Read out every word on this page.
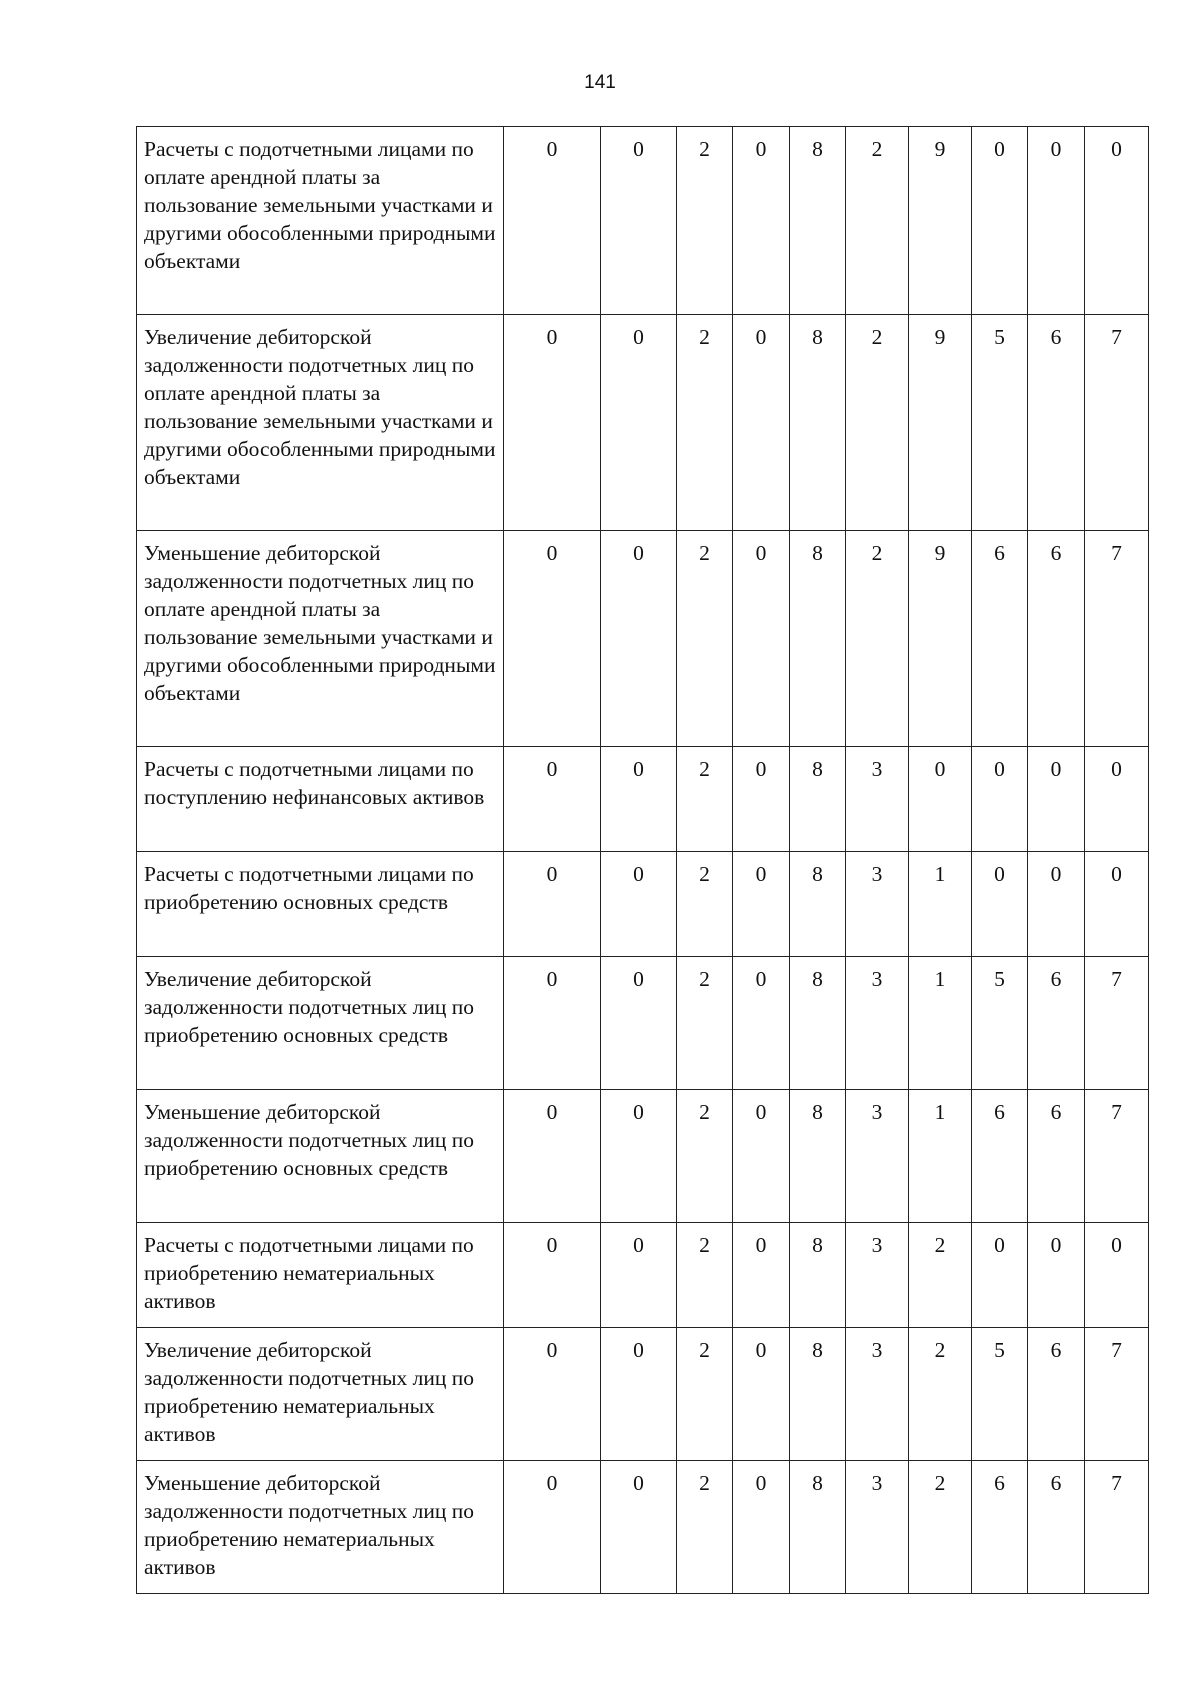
141
Расчеты с подотчетными лицами по оплате арендной платы за пользование земельными участками и другими обособленными природными объектами	0	0	2	0	8	2	9	0	0	0
Увеличение дебиторской задолженности подотчетных лиц по оплате арендной платы за пользование земельными участками и другими обособленными природными объектами	0	0	2	0	8	2	9	5	6	7
Уменьшение дебиторской задолженности подотчетных лиц по оплате арендной платы за пользование земельными участками и другими обособленными природными объектами	0	0	2	0	8	2	9	6	6	7
Расчеты с подотчетными лицами по поступлению нефинансовых активов	0	0	2	0	8	3	0	0	0	0
Расчеты с подотчетными лицами по приобретению основных средств	0	0	2	0	8	3	1	0	0	0
Увеличение дебиторской задолженности подотчетных лиц по приобретению основных средств	0	0	2	0	8	3	1	5	6	7
Уменьшение дебиторской задолженности подотчетных лиц по приобретению основных средств	0	0	2	0	8	3	1	6	6	7
Расчеты с подотчетными лицами по приобретению нематериальных активов	0	0	2	0	8	3	2	0	0	0
Увеличение дебиторской задолженности подотчетных лиц по приобретению нематериальных активов	0	0	2	0	8	3	2	5	6	7
Уменьшение дебиторской задолженности подотчетных лиц по приобретению нематериальных активов	0	0	2	0	8	3	2	6	6	7
